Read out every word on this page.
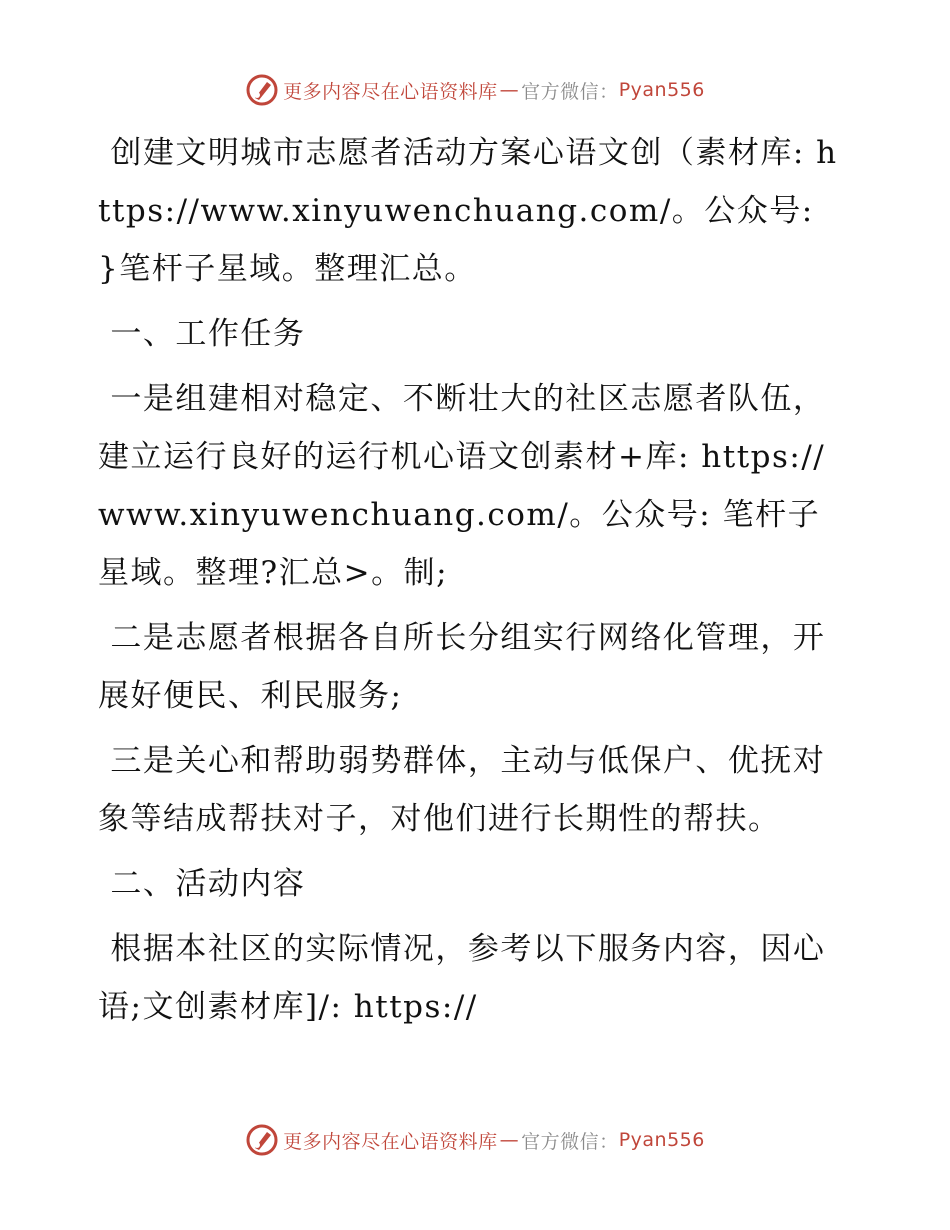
更多内容尽在心语资料库 — 官方微信： Pyan556

创建文明城市志愿者活动方案心语文创（素材库: https://www.xinyuwenchuang.com/。公众号: }笔杆子星域。整理汇总。

一、工作任务

一是组建相对稳定、不断壮大的社区志愿者队伍，建立运行良好的运行机心语文创素材+库: https://www.xinyuwenchuang.com/。公众号: 笔杆子星域。整理?汇总>。制;

二是志愿者根据各自所长分组实行网络化管理，开展好便民、利民服务;

三是关心和帮助弱势群体，主动与低保户、优抚对象等结成帮扶对子，对他们进行长期性的帮扶。

二、活动内容

根据本社区的实际情况，参考以下服务内容，因心语;文创素材库]/: https://

更多内容尽在心语资料库 — 官方微信： Pyan556
